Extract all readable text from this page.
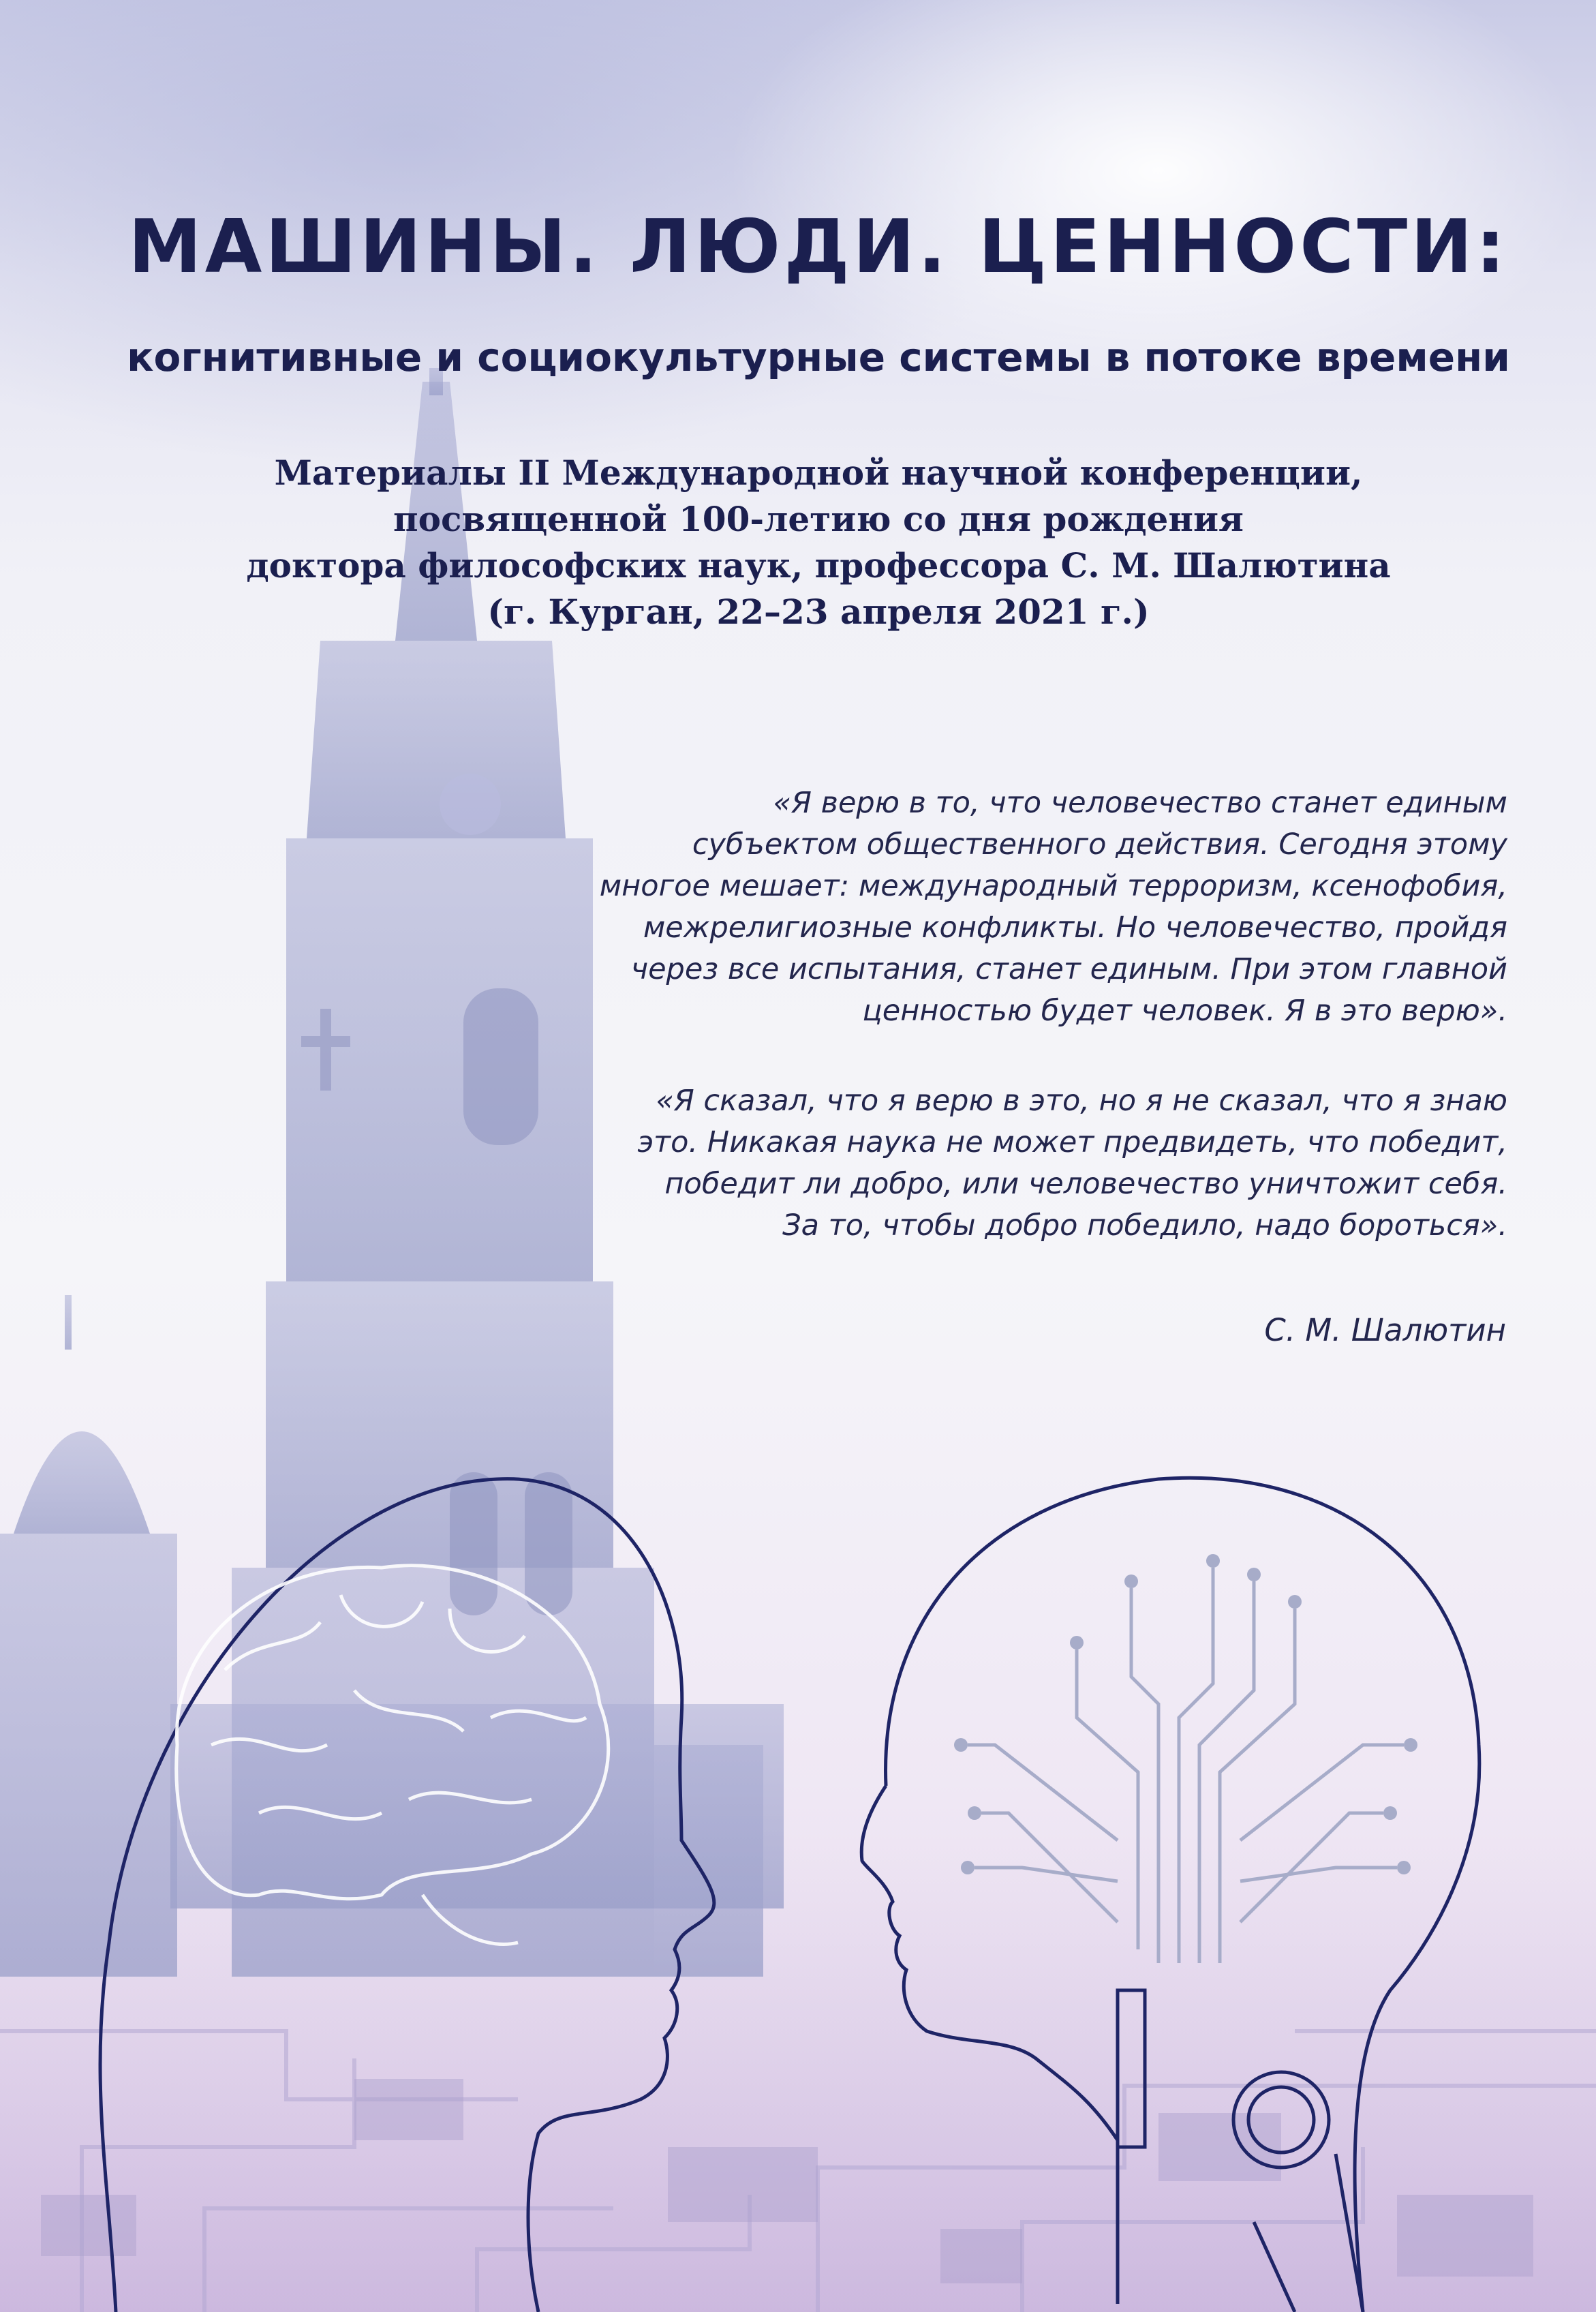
МАШИНЫ. ЛЮДИ. ЦЕННОСТИ:
когнитивные и социокультурные системы в потоке времени
Материалы II Международной научной конференции,
посвященной 100-летию со дня рождения
доктора философских наук, профессора С. М. Шалютина
(г. Курган, 22–23 апреля 2021 г.)
«Я верю в то, что человечество станет единым
субъектом общественного действия. Сегодня этому
многое мешает: международный терроризм, ксенофобия,
межрелигиозные конфликты. Но человечество, пройдя
через все испытания, станет единым. При этом главной
ценностью будет человек. Я в это верю».
«Я сказал, что я верю в это, но я не сказал, что я знаю
это. Никакая наука не может предвидеть, что победит,
победит ли добро, или человечество уничтожит себя.
За то, чтобы добро победило, надо бороться».

С. М. Шалютин
